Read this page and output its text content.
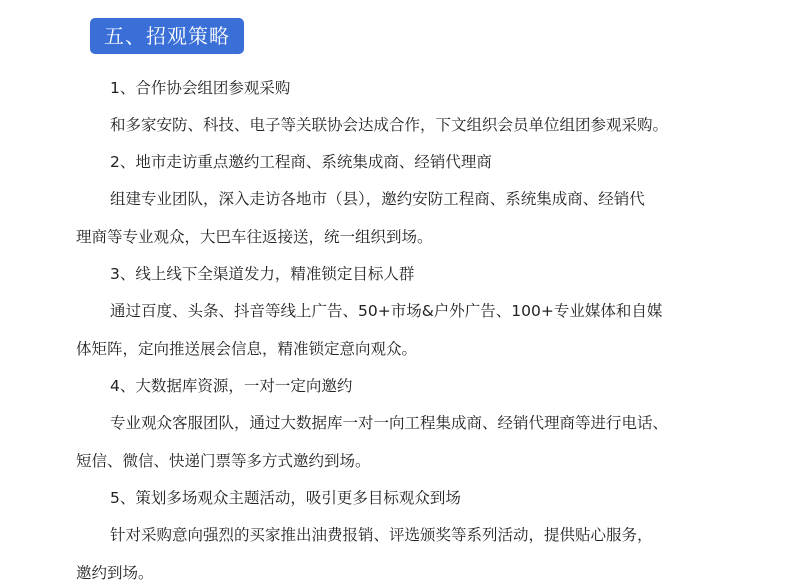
五、招观策略
1、合作协会组团参观采购
和多家安防、科技、电子等关联协会达成合作，下文组织会员单位组团参观采购。
2、地市走访重点邀约工程商、系统集成商、经销代理商
组建专业团队，深入走访各地市（县），邀约安防工程商、系统集成商、经销代
理商等专业观众，大巴车往返接送，统一组织到场。
3、线上线下全渠道发力，精准锁定目标人群
通过百度、头条、抖音等线上广告、50+市场&户外广告、100+专业媒体和自媒
体矩阵，定向推送展会信息，精准锁定意向观众。
4、大数据库资源，一对一定向邀约
专业观众客服团队，通过大数据库一对一向工程集成商、经销代理商等进行电话、
短信、微信、快递门票等多方式邀约到场。
5、策划多场观众主题活动，吸引更多目标观众到场
针对采购意向强烈的买家推出油费报销、评选颁奖等系列活动，提供贴心服务，
邀约到场。
